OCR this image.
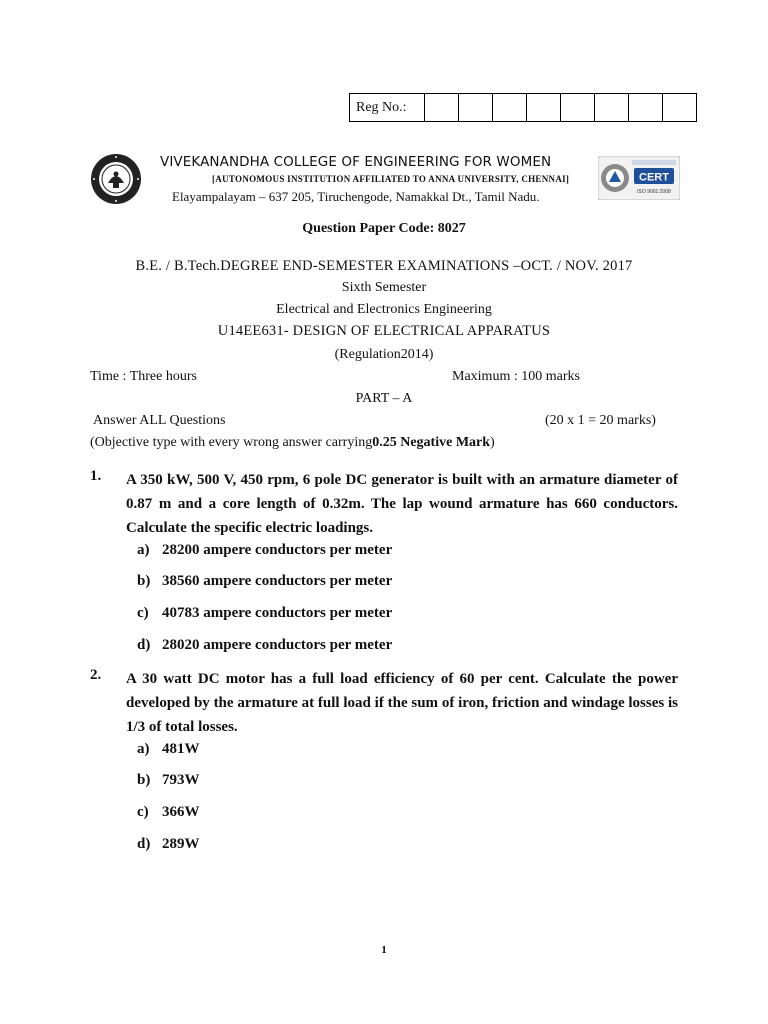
Reg No.:								
VIVEKANANDHA COLLEGE OF ENGINEERING FOR WOMEN
[AUTONOMOUS INSTITUTION AFFILIATED TO ANNA UNIVERSITY, CHENNAI]
Elayampalayam – 637 205, Tiruchengode, Namakkal Dt., Tamil Nadu.
CERT
ISO 9001:2008
Question Paper Code: 8027
B.E. / B.Tech.DEGREE END-SEMESTER EXAMINATIONS –OCT. / NOV. 2017
Sixth Semester
Electrical and Electronics Engineering
U14EE631- DESIGN OF ELECTRICAL APPARATUS
(Regulation2014)
Time : Three hours	Maximum : 100 marks
PART – A
Answer ALL Questions	(20 x 1 = 20 marks)
(Objective type with every wrong answer carrying0.25 Negative Mark)
1. A 350 kW, 500 V, 450 rpm, 6 pole DC generator is built with an armature diameter of 0.87 m and a core length of 0.32m. The lap wound armature has 660 conductors. Calculate the specific electric loadings.
a) 28200 ampere conductors per meter
b) 38560 ampere conductors per meter
c) 40783 ampere conductors per meter
d) 28020 ampere conductors per meter
2. A 30 watt DC motor has a full load efficiency of 60 per cent. Calculate the power developed by the armature at full load if the sum of iron, friction and windage losses is 1/3 of total losses.
a) 481W
b) 793W
c) 366W
d) 289W
1
